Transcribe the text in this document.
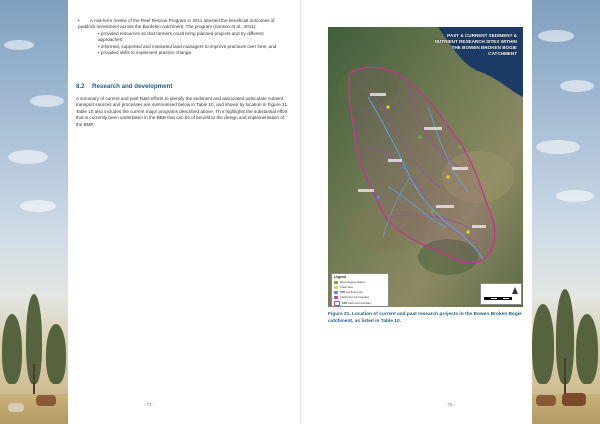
• A mid-term review of the Reef Rescue Program in 2011 attested the beneficial outcomes of paddock investment across the Burdekin catchment. The program (Simson et al., 2011):

• provided resources so that farmers could bring planned projects and try different approaches;

• informed, supported and motivated land managers to improve practices over time; and

• provided skills to implement practice change.

8.2 Research and development
A summary of current and past R&D efforts to identify the sediment and associated particulate nutrient transport sources and processes are summarised below in Table 10, and shown by location in Figure 31. Table 10 also includes the current major programs described above. Th s highlights the substantial effort that is currently been undertaken in the BBB that can be of benefit to the design and implementation of the BMP.
- 74 -
PAST & CURRENT SEDIMENT & NUTRIENT RESEARCH SITES WITHIN THE BOWEN BROKEN BOGIE CATCHMENT
Legend
Meta gauging stations
Creek sites
BBB monitoring site
Catchment sub-boundary
BBB catchment boundary
Figure 31. Location of current and past research projects in the Bowen Broken Bogie catchment, as listed in Table 10.
- 75 -
